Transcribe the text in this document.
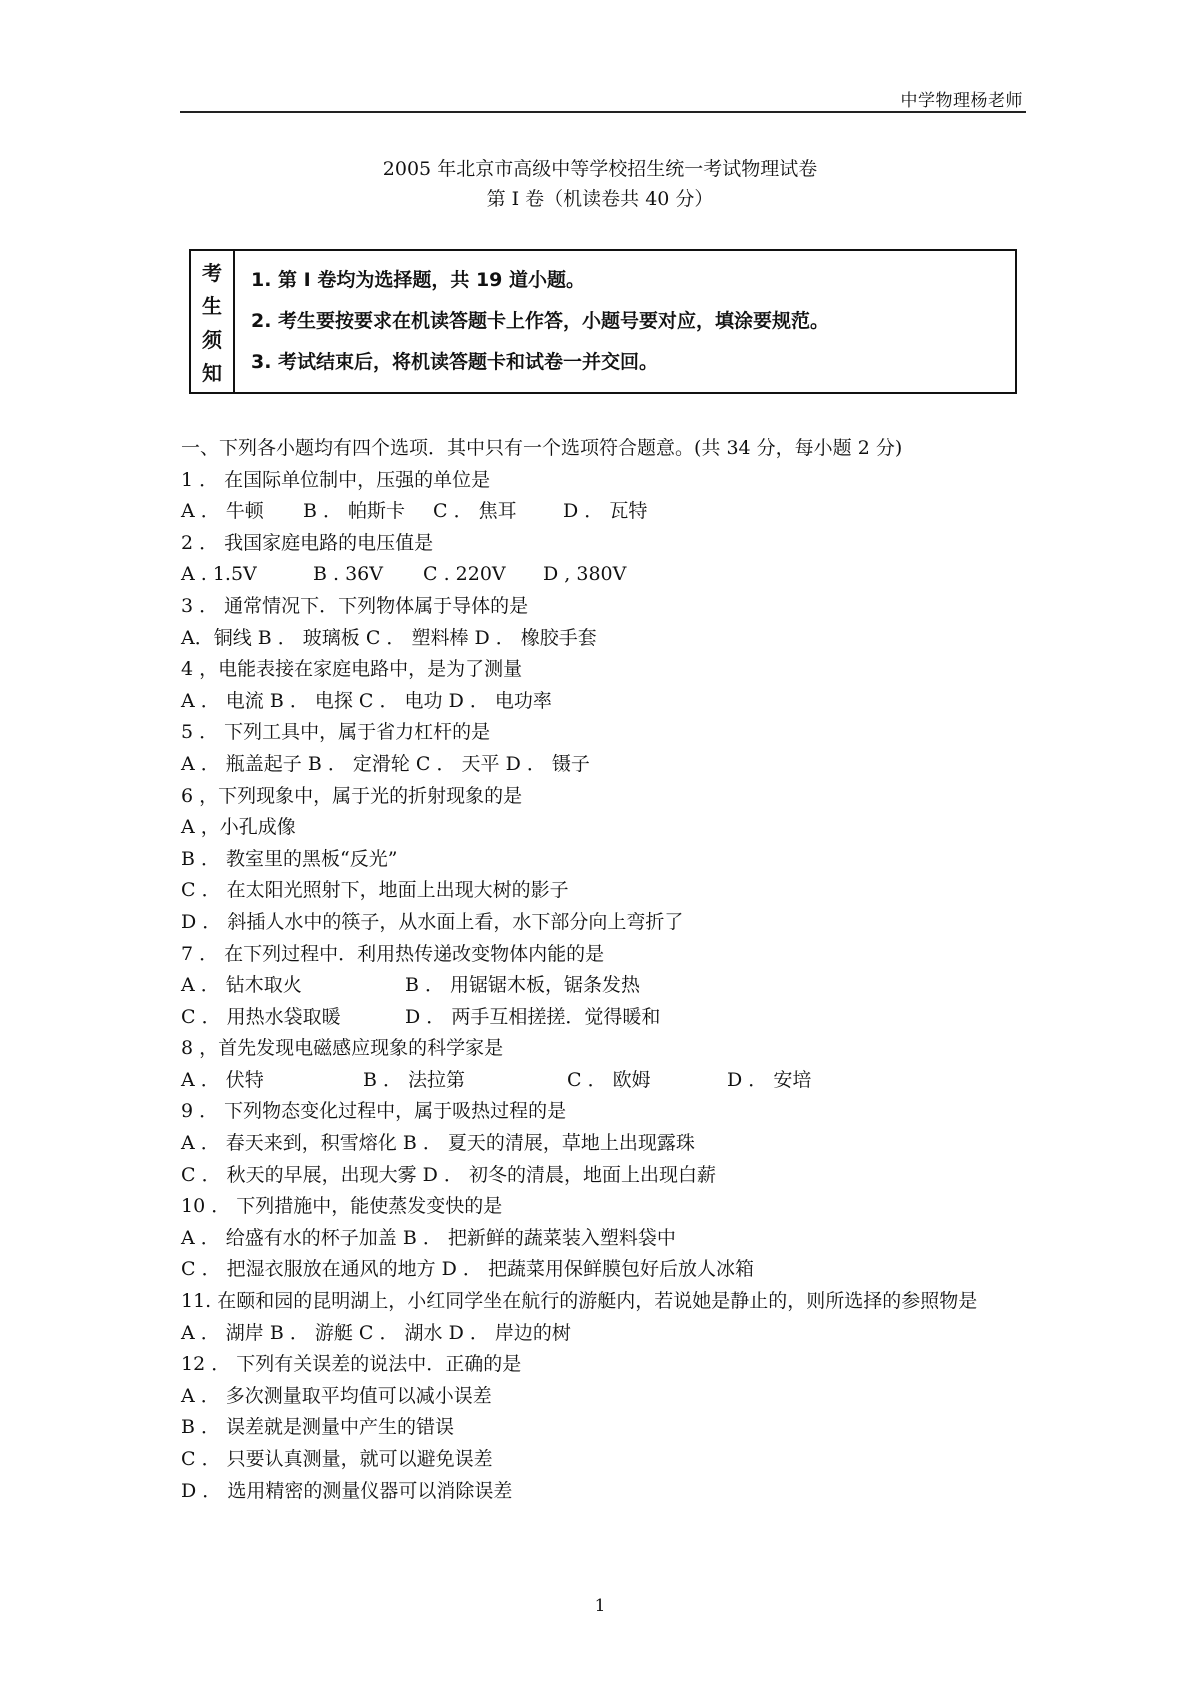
中学物理杨老师
2005 年北京市高级中等学校招生统一考试物理试卷
第 I 卷（机读卷共 40 分）
考
生
须
知
1. 第 I 卷均为选择题，共 19 道小题。
2. 考生要按要求在机读答题卡上作答，小题号要对应，填涂要规范。
3. 考试结束后，将机读答题卡和试卷一并交回。
一、下列各小题均有四个选项．其中只有一个选项符合题意。(共 34 分，每小题 2 分)
1 ． 在国际单位制中，压强的单位是
A ． 牛顿 B ． 帕斯卡 C ． 焦耳 D ． 瓦特
2 ． 我国家庭电路的电压值是
A . 1.5V	B . 36V C . 220V D , 380V
3 ． 通常情况下．下列物体属于导体的是
A．铜线 B ． 玻璃板 C ． 塑料棒 D ． 橡胶手套
4 ，电能表接在家庭电路中，是为了测量
A ． 电流 B ． 电探 C ． 电功 D ． 电功率
5 ． 下列工具中，属于省力杠杆的是
A ． 瓶盖起子 B ． 定滑轮 C ． 天平 D ． 镊子
6 ，下列现象中，属于光的折射现象的是
A ，小孔成像
B ． 教室里的黑板“反光”
C ． 在太阳光照射下，地面上出现大树的影子
D ． 斜插人水中的筷子，从水面上看，水下部分向上弯折了
7 ． 在下列过程中．利用热传递改变物体内能的是
A ． 钻木取火	B ． 用锯锯木板，锯条发热
C ． 用热水袋取暖	D ． 两手互相搓搓．觉得暖和
8 ，首先发现电磁感应现象的科学家是
A ． 伏特	B ． 法拉第	C ． 欧姆	D ． 安培
9 ． 下列物态变化过程中，属于吸热过程的是
A ． 春天来到，积雪熔化 B ． 夏天的清展，草地上出现露珠
C ． 秋天的早展，出现大雾 D ． 初冬的清晨，地面上出现白薪
10 ． 下列措施中，能使蒸发变快的是
A ． 给盛有水的杯子加盖 B ． 把新鲜的蔬菜装入塑料袋中
C ． 把湿衣服放在通风的地方 D ． 把蔬菜用保鲜膜包好后放人冰箱
11. 在颐和园的昆明湖上，小红同学坐在航行的游艇内，若说她是静止的，则所选择的参照物是
A ． 湖岸 B ． 游艇 C ． 湖水 D ． 岸边的树
12 ． 下列有关误差的说法中．正确的是
A ． 多次测量取平均值可以减小误差
B ． 误差就是测量中产生的错误
C ． 只要认真测量，就可以避免误差
D ． 选用精密的测量仪器可以消除误差
1
